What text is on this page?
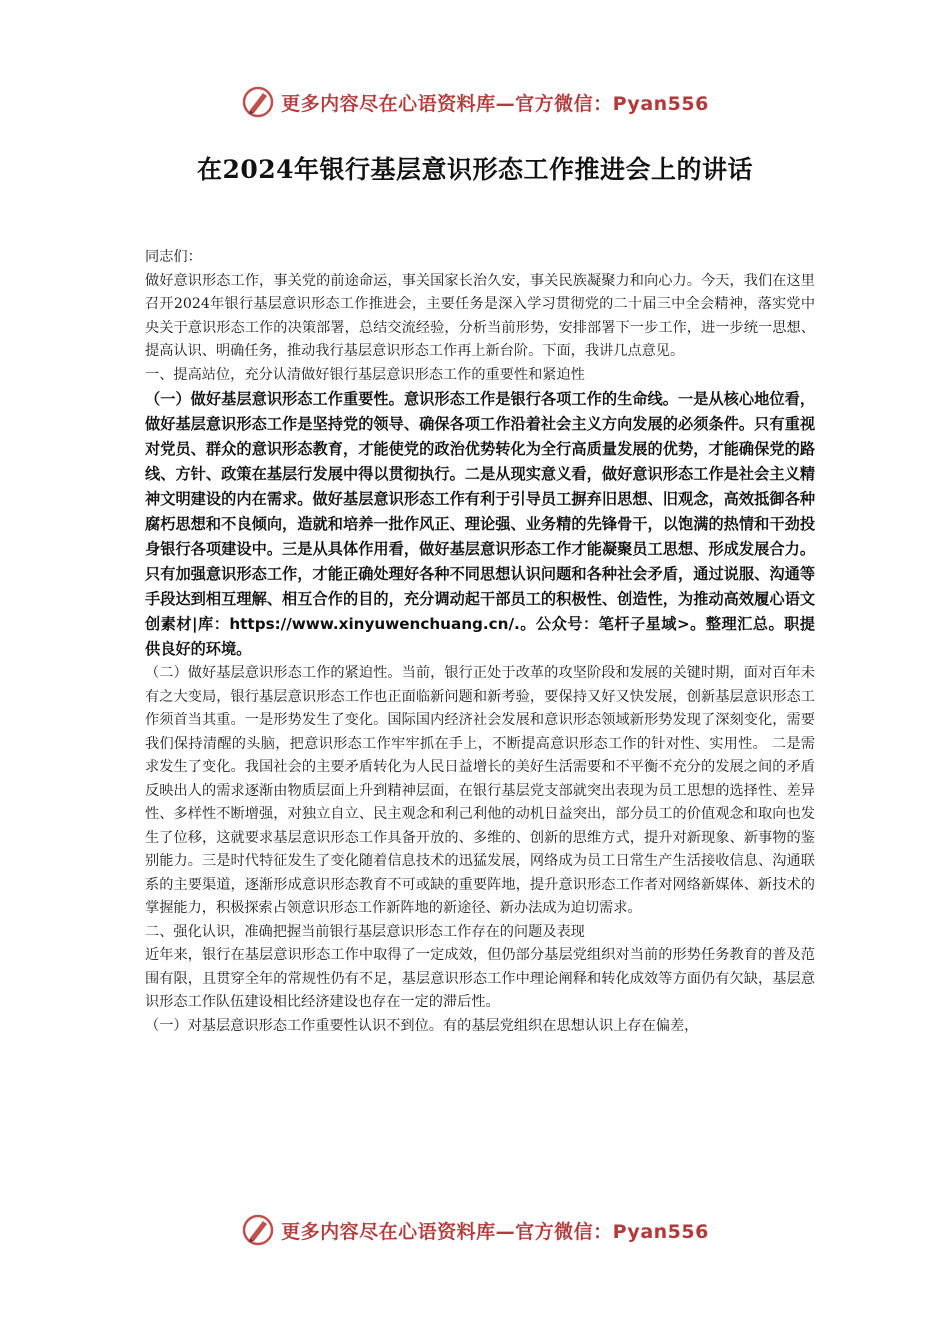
更多内容尽在心语资料库—官方微信：Pyan556
在2024年银行基层意识形态工作推进会上的讲话

同志们：

做好意识形态工作，事关党的前途命运，事关国家长治久安，事关民族凝聚力和向心力。今天，我们在这里召开2024年银行基层意识形态工作推进会，主要任务是深入学习贯彻党的二十届三中全会精神，落实党中央关于意识形态工作的决策部署，总结交流经验，分析当前形势，安排部署下一步工作，进一步统一思想、提高认识、明确任务，推动我行基层意识形态工作再上新台阶。下面，我讲几点意见。

一、提高站位，充分认清做好银行基层意识形态工作的重要性和紧迫性

（一）做好基层意识形态工作重要性。意识形态工作是银行各项工作的生命线。一是从核心地位看，做好基层意识形态工作是坚持党的领导、确保各项工作沿着社会主义方向发展的必须条件。只有重视对党员、群众的意识形态教育，才能使党的政治优势转化为全行高质量发展的优势，才能确保党的路线、方针、政策在基层行发展中得以贯彻执行。二是从现实意义看，做好意识形态工作是社会主义精神文明建设的内在需求。做好基层意识形态工作有利于引导员工摒弃旧思想、旧观念，高效抵御各种腐朽思想和不良倾向，造就和培养一批作风正、理论强、业务精的先锋骨干，以饱满的热情和干劲投身银行各项建设中。三是从具体作用看，做好基层意识形态工作才能凝聚员工思想、形成发展合力。只有加强意识形态工作，才能正确处理好各种不同思想认识问题和各种社会矛盾，通过说服、沟通等手段达到相互理解、相互合作的目的，充分调动起干部员工的积极性、创造性，为推动高效履心语文创素材|库：https://www.xinyuwenchuang.cn/.。公众号：笔杆子星域>。整理汇总。职提供良好的环境。

（二）做好基层意识形态工作的紧迫性。当前，银行正处于改革的攻坚阶段和发展的关键时期，面对百年未有之大变局，银行基层意识形态工作也正面临新问题和新考验，要保持又好又快发展，创新基层意识形态工作须首当其重。一是形势发生了变化。国际国内经济社会发展和意识形态领域新形势发现了深刻变化，需要我们保持清醒的头脑，把意识形态工作牢牢抓在手上，不断提高意识形态工作的针对性、实用性。 二是需求发生了变化。我国社会的主要矛盾转化为人民日益增长的美好生活需要和不平衡不充分的发展之间的矛盾反映出人的需求逐渐由物质层面上升到精神层面，在银行基层党支部就突出表现为员工思想的选择性、差异性、多样性不断增强，对独立自立、民主观念和利己利他的动机日益突出，部分员工的价值观念和取向也发生了位移，这就要求基层意识形态工作具备开放的、多维的、创新的思维方式，提升对新现象、新事物的鉴别能力。三是时代特征发生了变化随着信息技术的迅猛发展，网络成为员工日常生产生活接收信息、沟通联系的主要渠道，逐渐形成意识形态教育不可或缺的重要阵地，提升意识形态工作者对网络新媒体、新技术的掌握能力，积极探索占领意识形态工作新阵地的新途径、新办法成为迫切需求。

二、强化认识，准确把握当前银行基层意识形态工作存在的问题及表现

近年来，银行在基层意识形态工作中取得了一定成效，但仍部分基层党组织对当前的形势任务教育的普及范围有限，且贯穿全年的常规性仍有不足，基层意识形态工作中理论阐释和转化成效等方面仍有欠缺，基层意识形态工作队伍建设相比经济建设也存在一定的滞后性。

（一）对基层意识形态工作重要性认识不到位。有的基层党组织在思想认识上存在偏差，

更多内容尽在心语资料库—官方微信：Pyan556
